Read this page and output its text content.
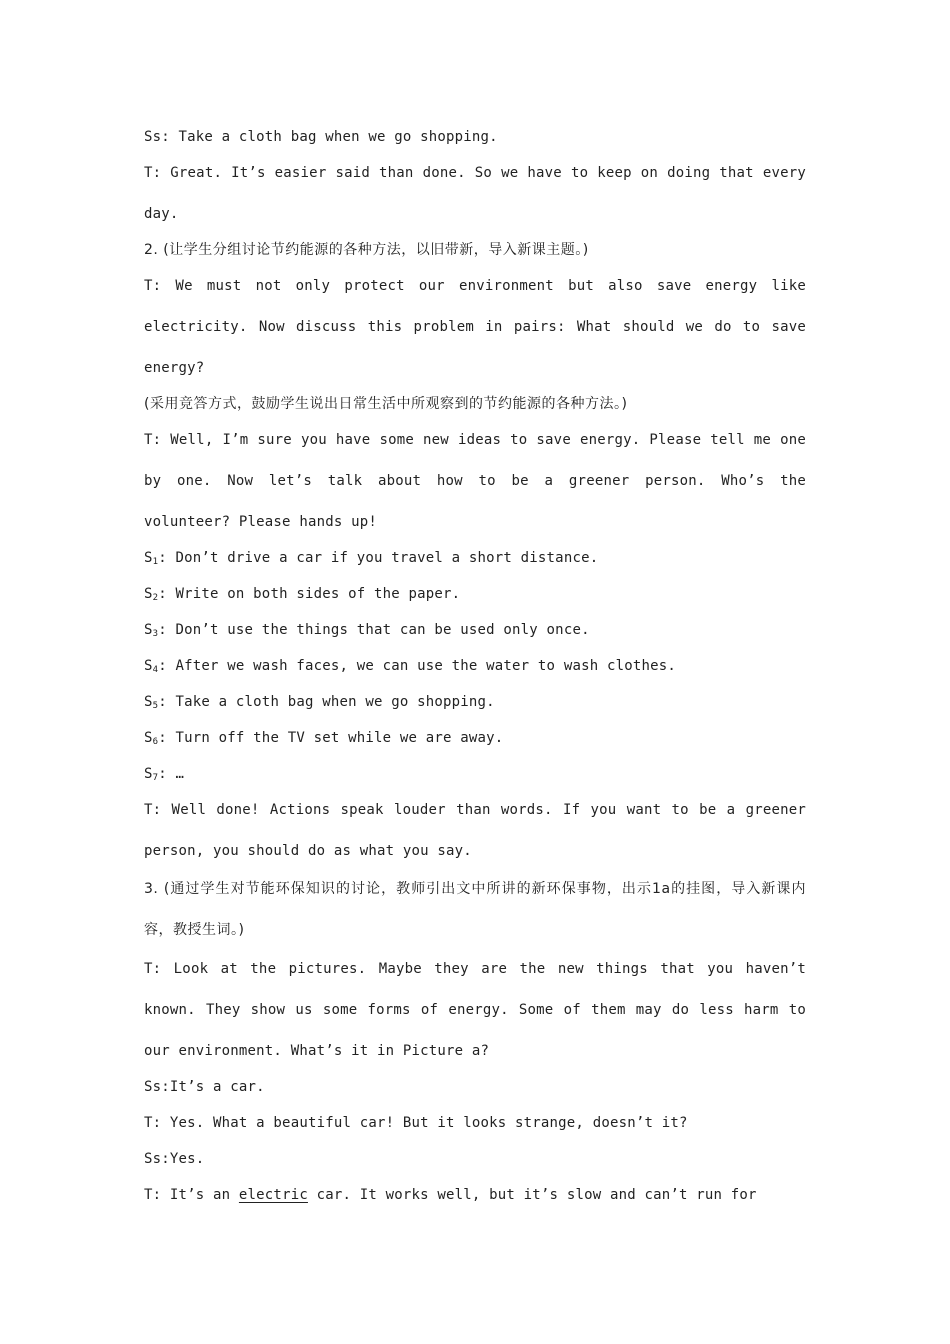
Ss: Take a cloth bag when we go shopping.

T: Great. It’s easier said than done. So we have to keep on doing that every day.

2. (让学生分组讨论节约能源的各种方法，以旧带新，导入新课主题。)

T: We must not only protect our environment but also save energy like electricity. Now discuss this problem in pairs: What should we do to save energy?

(采用竞答方式，鼓励学生说出日常生活中所观察到的节约能源的各种方法。)

T: Well, I’m sure you have some new ideas to save energy. Please tell me one by one. Now let’s talk about how to be a greener person. Who’s the volunteer? Please hands up!

$S_1$: Don’t drive a car if you travel a short distance.

$S_2$: Write on both sides of the paper.

$S_3$: Don’t use the things that can be used only once.

$S_4$: After we wash faces, we can use the water to wash clothes.

$S_5$: Take a cloth bag when we go shopping.

$S_6$: Turn off the TV set while we are away.

$S_7$: …

T: Well done! Actions speak louder than words. If you want to be a greener person, you should do as what you say.

3. (通过学生对节能环保知识的讨论，教师引出文中所讲的新环保事物，出示1a的挂图，导入新课内容，教授生词。)

T: Look at the pictures. Maybe they are the new things that you haven’t known. They show us some forms of energy. Some of them may do less harm to our environment. What’s it in Picture a?

Ss:It’s a car.

T: Yes. What a beautiful car! But it looks strange, doesn’t it?

Ss:Yes.

T: It’s an electric car. It works well, but it’s slow and can’t run for
